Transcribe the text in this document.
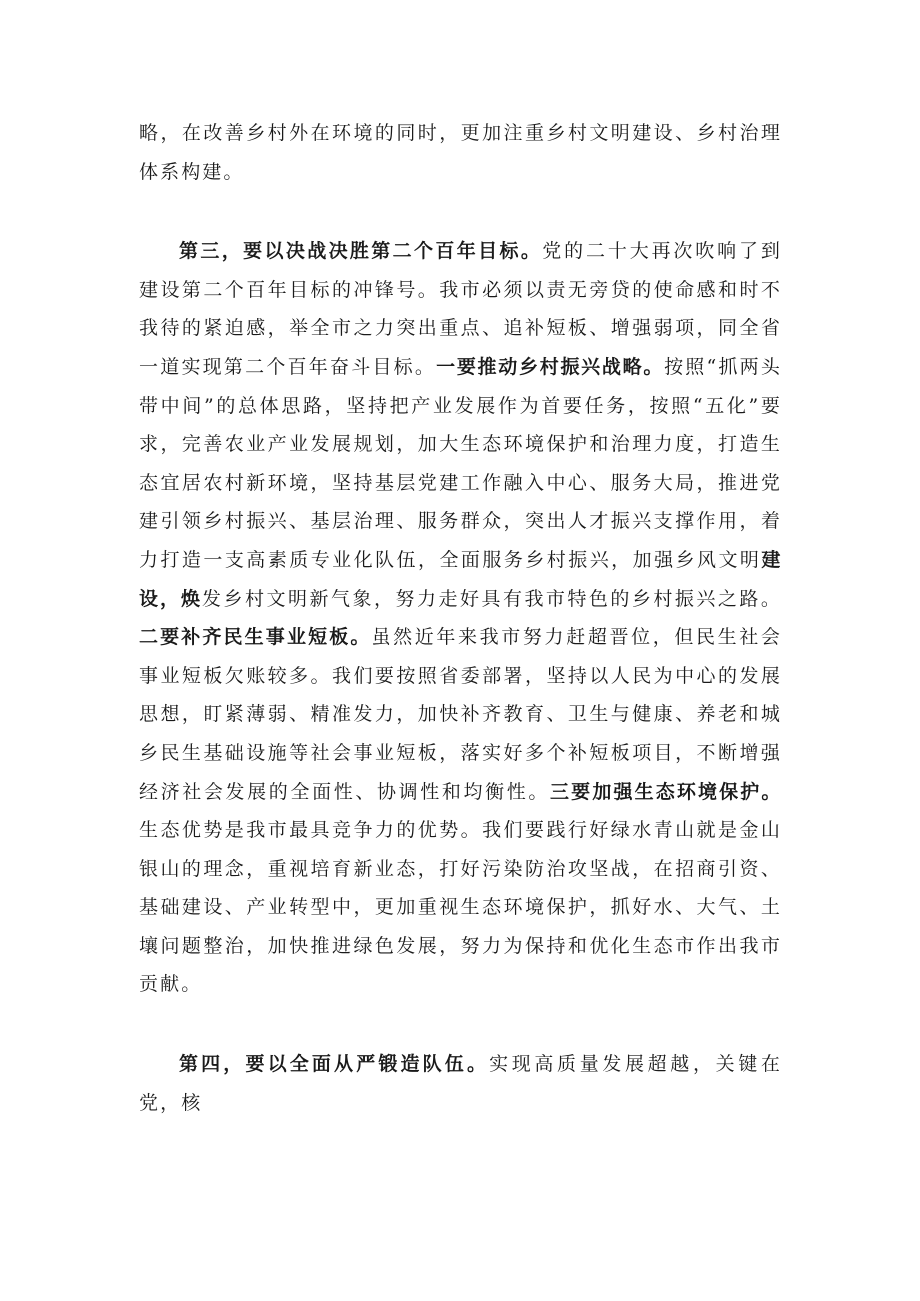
略，在改善乡村外在环境的同时，更加注重乡村文明建设、乡村治理体系构建。

第三，要以决战决胜第二个百年目标。党的二十大再次吹响了到建设第二个百年目标的冲锋号。我市必须以责无旁贷的使命感和时不我待的紧迫感，举全市之力突出重点、追补短板、增强弱项，同全省一道实现第二个百年奋斗目标。一要推动乡村振兴战略。按照“抓两头带中间”的总体思路，坚持把产业发展作为首要任务，按照“五化”要求，完善农业产业发展规划，加大生态环境保护和治理力度，打造生态宜居农村新环境，坚持基层党建工作融入中心、服务大局，推进党建引领乡村振兴、基层治理、服务群众，突出人才振兴支撑作用，着力打造一支高素质专业化队伍，全面服务乡村振兴，加强乡风文明建设，焕发乡村文明新气象，努力走好具有我市特色的乡村振兴之路。二要补齐民生事业短板。虽然近年来我市努力赶超晋位，但民生社会事业短板欠账较多。我们要按照省委部署，坚持以人民为中心的发展思想，盯紧薄弱、精准发力，加快补齐教育、卫生与健康、养老和城乡民生基础设施等社会事业短板，落实好多个补短板项目，不断增强经济社会发展的全面性、协调性和均衡性。三要加强生态环境保护。生态优势是我市最具竞争力的优势。我们要践行好绿水青山就是金山银山的理念，重视培育新业态，打好污染防治攻坚战，在招商引资、基础建设、产业转型中，更加重视生态环境保护，抓好水、大气、土壤问题整治，加快推进绿色发展，努力为保持和优化生态市作出我市贡献。

第四，要以全面从严锻造队伍。实现高质量发展超越，关键在党，核
